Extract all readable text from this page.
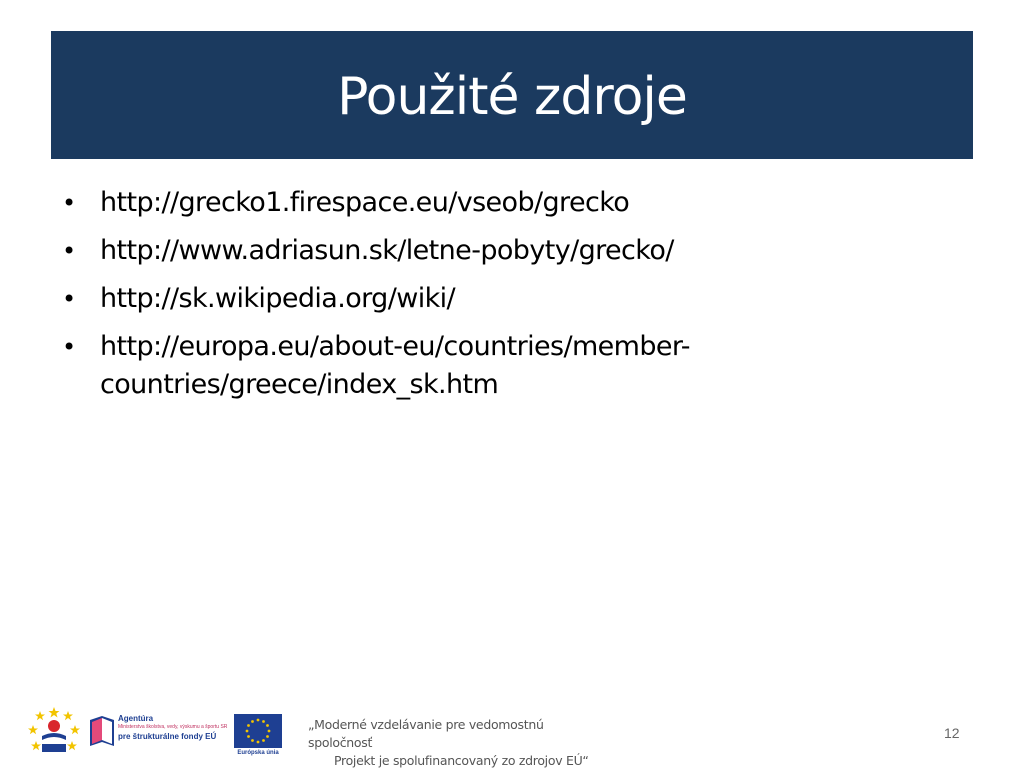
Použité zdroje
• http://grecko1.firespace.eu/vseob/grecko
• http://www.adriasun.sk/letne-pobyty/grecko/
• http://sk.wikipedia.org/wiki/
• http://europa.eu/about-eu/countries/member-
countries/greece/index_sk.htm
Agentúra
Ministerstva školstva, vedy, výskumu a športu SR
pre štrukturálne fondy EÚ
Európska únia
„Moderné vzdelávanie pre vedomostnú spoločnosť
Projekt je spolufinancovaný zo zdrojov EÚ“
12
